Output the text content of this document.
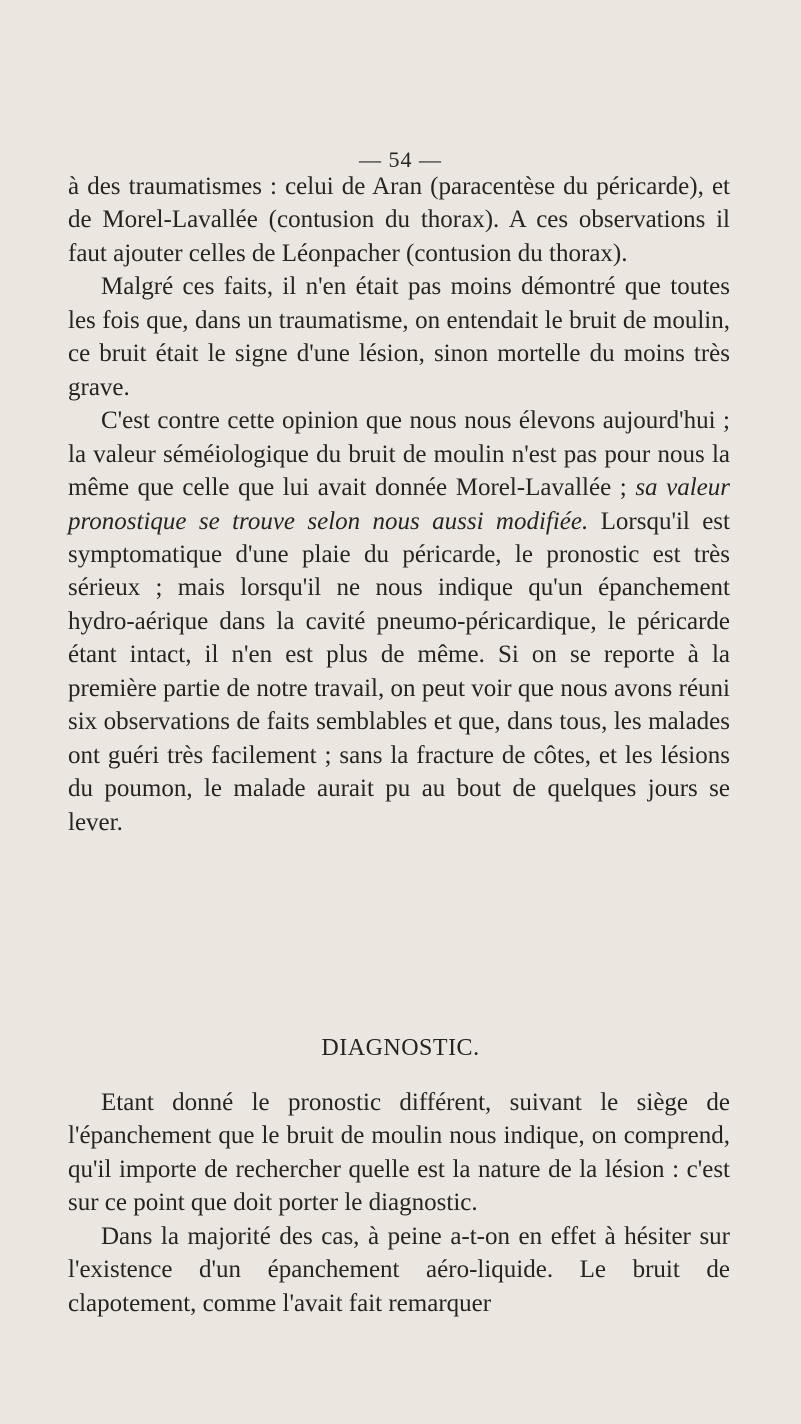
— 54 —

à des traumatismes : celui de Aran (paracentèse du péricarde), et de Morel-Lavallée (contusion du thorax). A ces observations il faut ajouter celles de Léonpacher (contusion du thorax).

Malgré ces faits, il n'en était pas moins démontré que toutes les fois que, dans un traumatisme, on entendait le bruit de moulin, ce bruit était le signe d'une lésion, sinon mortelle du moins très grave.

C'est contre cette opinion que nous nous élevons aujourd'hui ; la valeur séméiologique du bruit de moulin n'est pas pour nous la même que celle que lui avait donnée Morel-Lavallée ; sa valeur pronostique se trouve selon nous aussi modifiée. Lorsqu'il est symptomatique d'une plaie du péricarde, le pronostic est très sérieux ; mais lorsqu'il ne nous indique qu'un épanchement hydro-aérique dans la cavité pneumo-péricardique, le péricarde étant intact, il n'en est plus de même. Si on se reporte à la première partie de notre travail, on peut voir que nous avons réuni six observations de faits semblables et que, dans tous, les malades ont guéri très facilement ; sans la fracture de côtes, et les lésions du poumon, le malade aurait pu au bout de quelques jours se lever.

DIAGNOSTIC.

Etant donné le pronostic différent, suivant le siège de l'épanchement que le bruit de moulin nous indique, on comprend, qu'il importe de rechercher quelle est la nature de la lésion : c'est sur ce point que doit porter le diagnostic.

Dans la majorité des cas, à peine a-t-on en effet à hésiter sur l'existence d'un épanchement aéro-liquide. Le bruit de clapotement, comme l'avait fait remarquer
